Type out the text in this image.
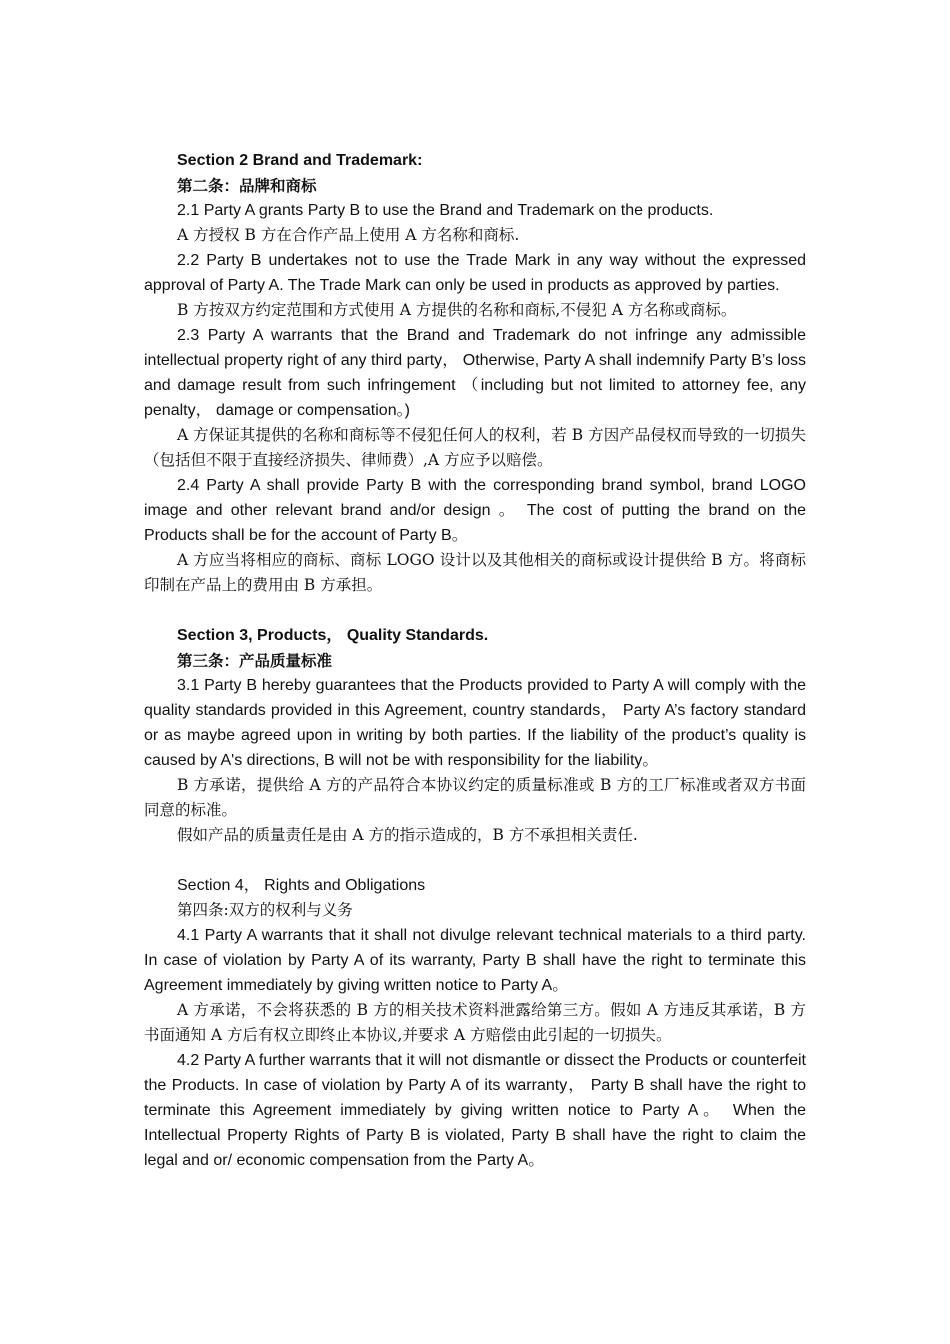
Section 2 Brand and Trademark:

第二条：品牌和商标

2.1 Party A grants Party B to use the Brand and Trademark on the products.

A 方授权 B 方在合作产品上使用 A 方名称和商标.

2.2 Party B undertakes not to use the Trade Mark in any way without the expressed approval of Party A. The Trade Mark can only be used in products as approved by parties.

B 方按双方约定范围和方式使用 A 方提供的名称和商标,不侵犯 A 方名称或商标。

2.3 Party A warrants that the Brand and Trademark do not infringe any admissible intellectual property right of any third party， Otherwise, Party A shall indemnify Party B’s loss and damage result from such infringement （including but not limited to attorney fee, any penalty， damage or compensation。)

A 方保证其提供的名称和商标等不侵犯任何人的权利，若 B 方因产品侵权而导致的一切损失（包括但不限于直接经济损失、律师费）,A 方应予以赔偿。

2.4 Party A shall provide Party B with the corresponding brand symbol, brand LOGO image and other relevant brand and/or design 。 The cost of putting the brand on the Products shall be for the account of Party B。

A 方应当将相应的商标、商标 LOGO 设计以及其他相关的商标或设计提供给 B 方。将商标印制在产品上的费用由 B 方承担。

Section 3, Products， Quality Standards.

第三条：产品质量标准

3.1 Party B hereby guarantees that the Products provided to Party A will comply with the quality standards provided in this Agreement, country standards， Party A’s factory standard or as maybe agreed upon in writing by both parties. If the liability of the product’s quality is caused by A's directions, B will not be with responsibility for the liability。

B 方承诺，提供给 A 方的产品符合本协议约定的质量标准或 B 方的工厂标准或者双方书面同意的标准。

假如产品的质量责任是由 A 方的指示造成的，B 方不承担相关责任.

Section 4， Rights and Obligations

第四条:双方的权利与义务

4.1 Party A warrants that it shall not divulge relevant technical materials to a third party. In case of violation by Party A of its warranty, Party B shall have the right to terminate this Agreement immediately by giving written notice to Party A。

A 方承诺，不会将获悉的 B 方的相关技术资料泄露给第三方。假如 A 方违反其承诺，B 方书面通知 A 方后有权立即终止本协议,并要求 A 方赔偿由此引起的一切损失。

4.2 Party A further warrants that it will not dismantle or dissect the Products or counterfeit the Products. In case of violation by Party A of its warranty， Party B shall have the right to terminate this Agreement immediately by giving written notice to Party A。 When the Intellectual Property Rights of Party B is violated, Party B shall have the right to claim the legal and or/ economic compensation from the Party A。
